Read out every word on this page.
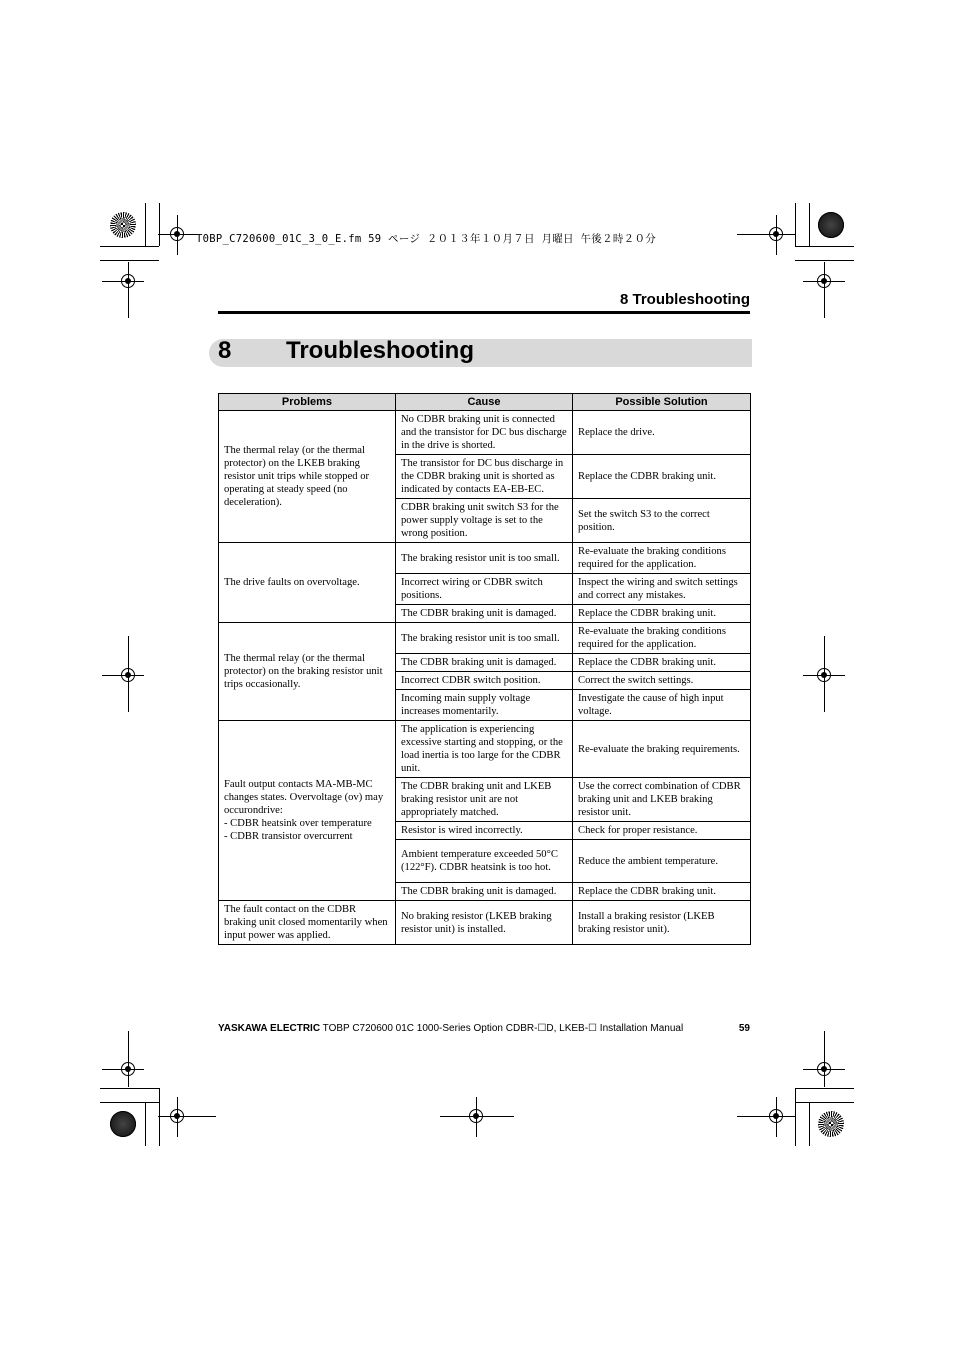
T0BP_C720600_01C_3_0_E.fm 59 ページ ２０１３年１０月７日 月曜日 午後２時２０分
8 Troubleshooting
8 Troubleshooting
Problems	Cause	Possible Solution
The thermal relay (or the thermal protector) on the LKEB braking resistor unit trips while stopped or operating at steady speed (no deceleration).	No CDBR braking unit is connected and the transistor for DC bus discharge in the drive is shorted.	Replace the drive.
	The transistor for DC bus discharge in the CDBR braking unit is shorted as indicated by contacts EA-EB-EC.	Replace the CDBR braking unit.
	CDBR braking unit switch S3 for the power supply voltage is set to the wrong position.	Set the switch S3 to the correct position.
The drive faults on overvoltage.	The braking resistor unit is too small.	Re-evaluate the braking conditions required for the application.
	Incorrect wiring or CDBR switch positions.	Inspect the wiring and switch settings and correct any mistakes.
	The CDBR braking unit is damaged.	Replace the CDBR braking unit.
The thermal relay (or the thermal protector) on the braking resistor unit trips occasionally.	The braking resistor unit is too small.	Re-evaluate the braking conditions required for the application.
	The CDBR braking unit is damaged.	Replace the CDBR braking unit.
	Incorrect CDBR switch position.	Correct the switch settings.
	Incoming main supply voltage increases momentarily.	Investigate the cause of high input voltage.

Fault output contacts MA-MB-MC changes states. Overvoltage (ov) may occurondrive:
- CDBR heatsink over temperature
- CDBR transistor overcurrent	The application is experiencing excessive starting and stopping, or the load inertia is too large for the CDBR unit.	Re-evaluate the braking requirements.
	The CDBR braking unit and LKEB braking resistor unit are not appropriately matched.	Use the correct combination of CDBR braking unit and LKEB braking resistor unit.
	Resistor is wired incorrectly.	Check for proper resistance.
	Ambient temperature exceeded 50°C (122°F). CDBR heatsink is too hot.	Reduce the ambient temperature.
	The CDBR braking unit is damaged.	Replace the CDBR braking unit.
The fault contact on the CDBR braking unit closed momentarily when input power was applied.	No braking resistor (LKEB braking resistor unit) is installed.	Install a braking resistor (LKEB braking resistor unit).
YASKAWA ELECTRIC TOBP C720600 01C 1000-Series Option CDBR-☐D, LKEB-☐ Installation Manual	59
